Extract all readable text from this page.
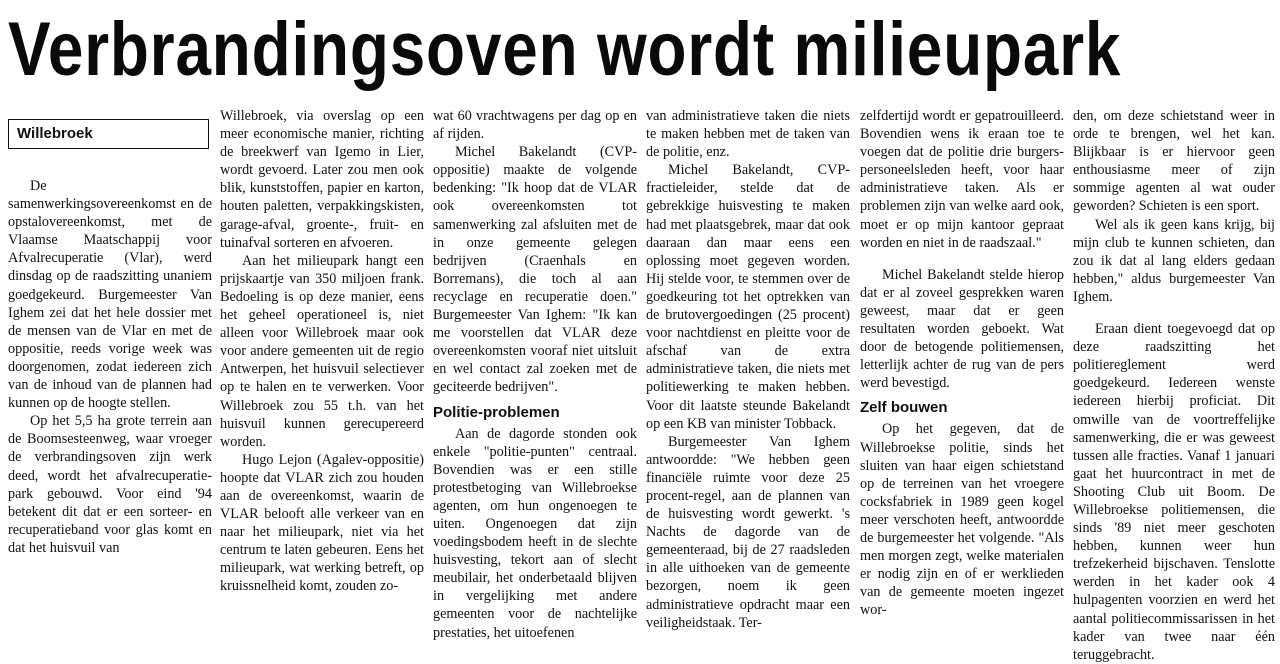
Verbrandingsoven wordt milieupark
Willebroek

De samenwerkingsovereenkomst en de opstalovereenkomst, met de Vlaamse Maatschappij voor Afvalrecuperatie (Vlar), werd dinsdag op de raadszitting unaniem goedgekeurd. Burgemeester Van Ighem zei dat het hele dossier met de mensen van de Vlar en met de oppositie, reeds vorige week was doorgenomen, zodat iedereen zich van de inhoud van de plannen had kunnen op de hoogte stellen.

Op het 5,5 ha grote terrein aan de Boomsesteenweg, waar vroeger de verbrandingsoven zijn werk deed, wordt het afvalrecuperatie-park gebouwd. Voor eind '94 betekent dit dat er een sorteer- en recuperatieband voor glas komt en dat het huisvuil van

Willebroek, via overslag op een meer economische manier, richting de breekwerf van Igemo in Lier, wordt gevoerd. Later zou men ook blik, kunststoffen, papier en karton, houten paletten, verpakkingskisten, garage-afval, groente-, fruit- en tuinafval sorteren en afvoeren.

Aan het milieupark hangt een prijskaartje van 350 miljoen frank. Bedoeling is op deze manier, eens het geheel operationeel is, niet alleen voor Willebroek maar ook voor andere gemeenten uit de regio Antwerpen, het huisvuil selectiever op te halen en te verwerken. Voor Willebroek zou 55 t.h. van het huisvuil kunnen gerecupereerd worden.

Hugo Lejon (Agalev-oppositie) hoopte dat VLAR zich zou houden aan de overeenkomst, waarin de VLAR belooft alle verkeer van en naar het milieupark, niet via het centrum te laten gebeuren. Eens het milieupark, wat werking betreft, op kruissnelheid komt, zouden zo-

wat 60 vrachtwagens per dag op en af rijden.

Michel Bakelandt (CVP-oppositie) maakte de volgende bedenking: "Ik hoop dat de VLAR ook overeenkomsten tot samenwerking zal afsluiten met de in onze gemeente gelegen bedrijven (Craenhals en Borremans), die toch al aan recyclage en recuperatie doen." Burgemeester Van Ighem: "Ik kan me voorstellen dat VLAR deze overeenkomsten vooraf niet uitsluit en wel contact zal zoeken met de geciteerde bedrijven".

Politie-problemen

Aan de dagorde stonden ook enkele "politie-punten" centraal. Bovendien was er een stille protestbetoging van Willebroekse agenten, om hun ongenoegen te uiten. Ongenoegen dat zijn voedingsbodem heeft in de slechte huisvesting, tekort aan of slecht meubilair, het onderbetaald blijven in vergelijking met andere gemeenten voor de nachtelijke prestaties, het uitoefenen

van administratieve taken die niets te maken hebben met de taken van de politie, enz.

Michel Bakelandt, CVP-fractieleider, stelde dat de gebrekkige huisvesting te maken had met plaatsgebrek, maar dat ook daaraan dan maar eens een oplossing moet gegeven worden. Hij stelde voor, te stemmen over de goedkeuring tot het optrekken van de brutovergoedingen (25 procent) voor nachtdienst en pleitte voor de afschaf van de extra administratieve taken, die niets met politiewerking te maken hebben. Voor dit laatste steunde Bakelandt op een KB van minister Tobback.

Burgemeester Van Ighem antwoordde: "We hebben geen financiële ruimte voor deze 25 procent-regel, aan de plannen van de huisvesting wordt gewerkt. 's Nachts de dagorde van de gemeenteraad, bij de 27 raadsleden in alle uithoeken van de gemeente bezorgen, noem ik geen administratieve opdracht maar een veiligheidstaak. Ter-

zelfdertijd wordt er gepatrouilleerd. Bovendien wens ik eraan toe te voegen dat de politie drie burgers-personeelsleden heeft, voor haar administratieve taken. Als er problemen zijn van welke aard ook, moet er op mijn kantoor gepraat worden en niet in de raadszaal."

Michel Bakelandt stelde hierop dat er al zoveel gesprekken waren geweest, maar dat er geen resultaten worden geboekt. Wat door de betogende politiemensen, letterlijk achter de rug van de pers werd bevestigd.

Zelf bouwen

Op het gegeven, dat de Willebroekse politie, sinds het sluiten van haar eigen schietstand op de terreinen van het vroegere cocksfabriek in 1989 geen kogel meer verschoten heeft, antwoordde de burgemeester het volgende. "Als men morgen zegt, welke materialen er nodig zijn en of er werklieden van de gemeente moeten ingezet wor-

den, om deze schietstand weer in orde te brengen, wel het kan. Blijkbaar is er hiervoor geen enthousiasme meer of zijn sommige agenten al wat ouder geworden? Schieten is een sport.

Wel als ik geen kans krijg, bij mijn club te kunnen schieten, dan zou ik dat al lang elders gedaan hebben," aldus burgemeester Van Ighem.

Eraan dient toegevoegd dat op deze raadszitting het politiereglement werd goedgekeurd. Iedereen wenste iedereen hierbij proficiat. Dit omwille van de voortreffelijke samenwerking, die er was geweest tussen alle fracties. Vanaf 1 januari gaat het huurcontract in met de Shooting Club uit Boom. De Willebroekse politiemensen, die sinds '89 niet meer geschoten hebben, kunnen weer hun trefzekerheid bijschaven. Tenslotte werden in het kader ook 4 hulpagenten voorzien en werd het aantal politiecommissarissen in het kader van twee naar één teruggebracht.
